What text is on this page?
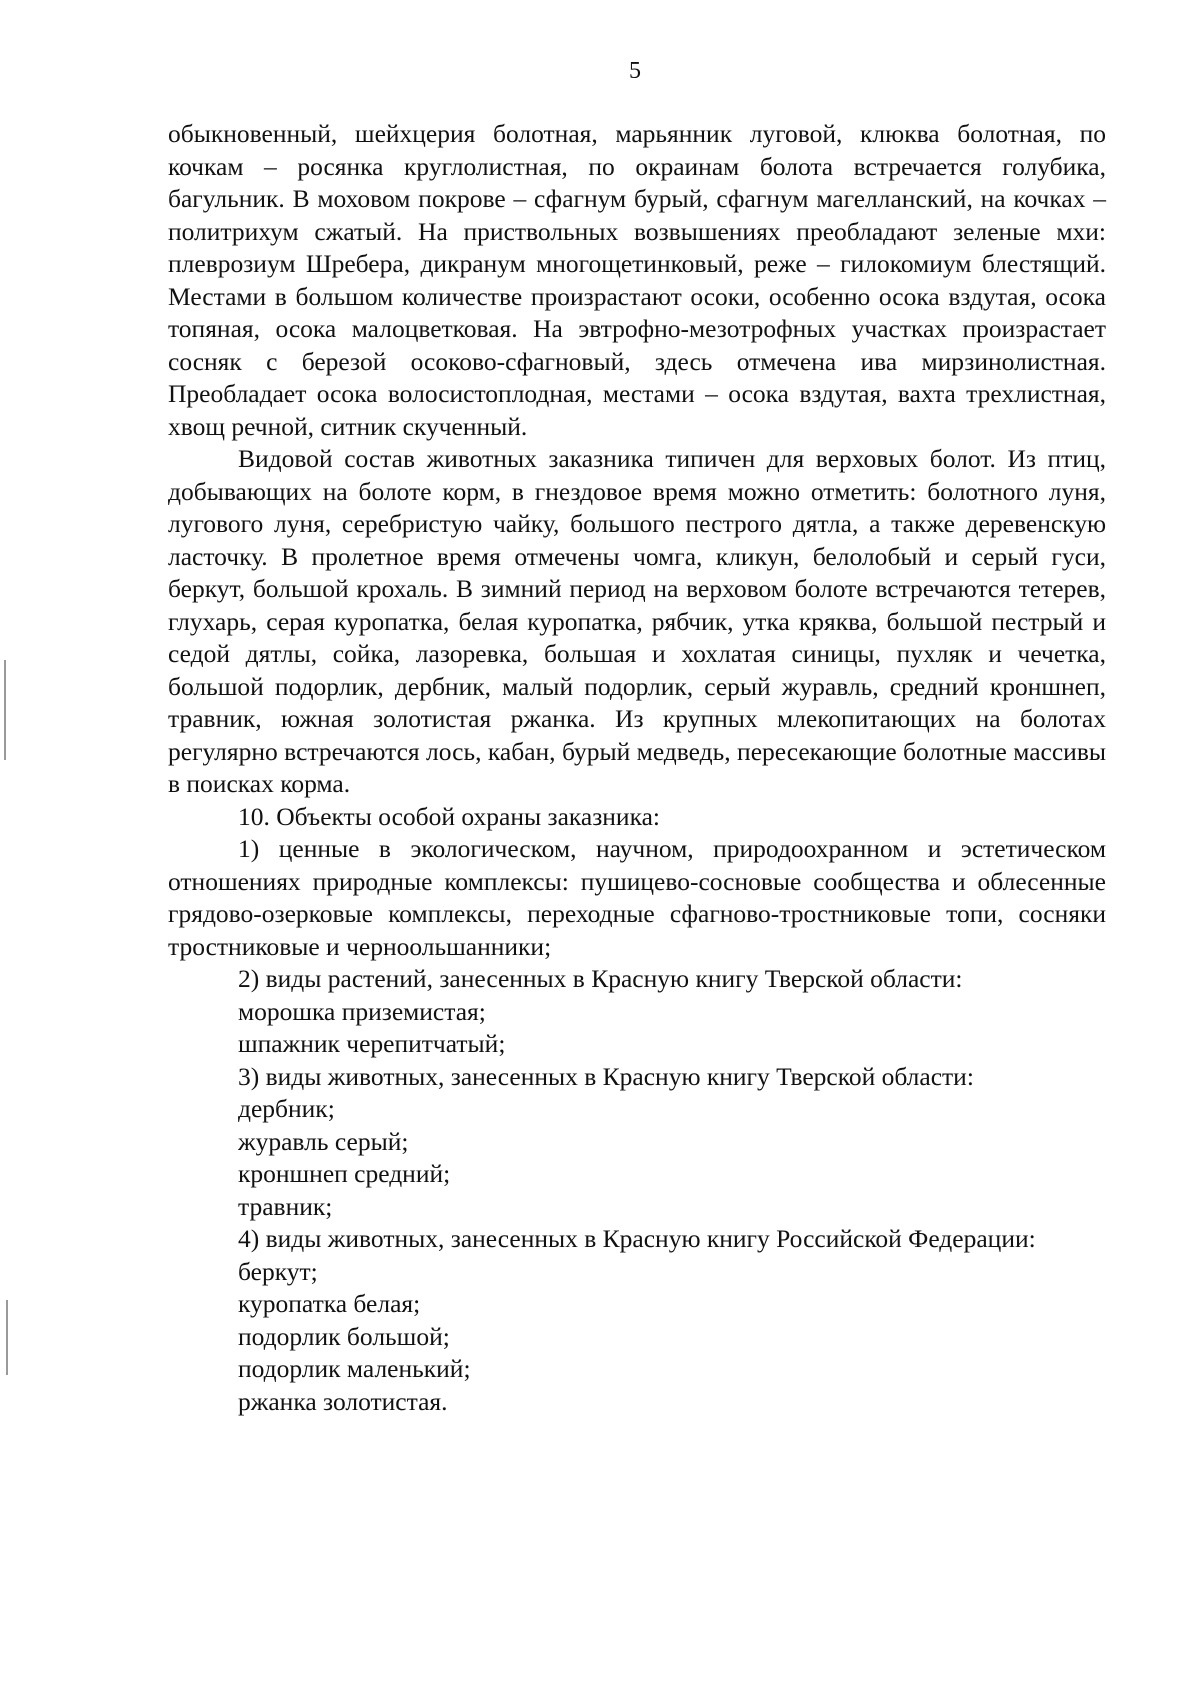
5

обыкновенный, шейхцерия болотная, марьянник луговой, клюква болотная, по кочкам – росянка круглолистная, по окраинам болота встречается голубика, багульник. В моховом покрове – сфагнум бурый, сфагнум магелланский, на кочках – политрихум сжатый. На приствольных возвышениях преобладают зеленые мхи: плеврозиум Шребера, дикранум многощетинковый, реже – гилокомиум блестящий. Местами в большом количестве произрастают осоки, особенно осока вздутая, осока топяная, осока малоцветковая. На эвтрофно-мезотрофных участках произрастает сосняк с березой осоково-сфагновый, здесь отмечена ива мирзинолистная. Преобладает осока волосистоплодная, местами – осока вздутая, вахта трехлистная, хвощ речной, ситник скученный.

Видовой состав животных заказника типичен для верховых болот. Из птиц, добывающих на болоте корм, в гнездовое время можно отметить: болотного луня, лугового луня, серебристую чайку, большого пестрого дятла, а также деревенскую ласточку. В пролетное время отмечены чомга, кликун, белолобый и серый гуси, беркут, большой крохаль. В зимний период на верховом болоте встречаются тетерев, глухарь, серая куропатка, белая куропатка, рябчик, утка кряква, большой пестрый и седой дятлы, сойка, лазоревка, большая и хохлатая синицы, пухляк и чечетка, большой подорлик, дербник, малый подорлик, серый журавль, средний кроншнеп, травник, южная золотистая ржанка. Из крупных млекопитающих на болотах регулярно встречаются лось, кабан, бурый медведь, пересекающие болотные массивы в поисках корма.

10. Объекты особой охраны заказника:

1) ценные в экологическом, научном, природоохранном и эстетическом отношениях природные комплексы: пушицево-сосновые сообщества и облесенные грядово-озерковые комплексы, переходные сфагново-тростниковые топи, сосняки тростниковые и черноольшанники;

2) виды растений, занесенных в Красную книгу Тверской области:

морошка приземистая;

шпажник черепитчатый;

3) виды животных, занесенных в Красную книгу Тверской области:

дербник;

журавль серый;

кроншнеп средний;

травник;

4) виды животных, занесенных в Красную книгу Российской Федерации:

беркут;

куропатка белая;

подорлик большой;

подорлик маленький;

ржанка золотистая.
